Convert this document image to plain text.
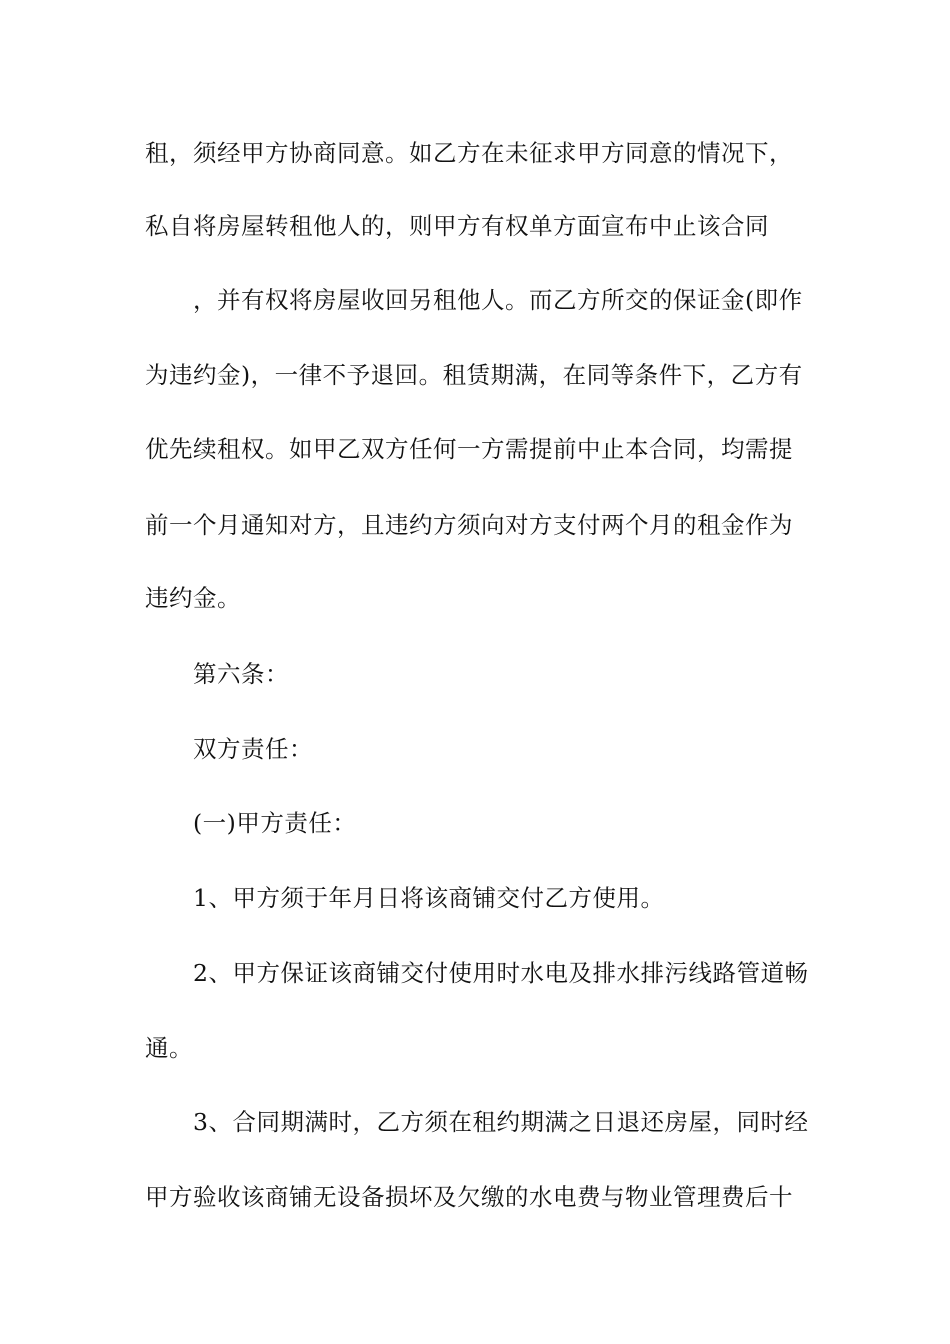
租，须经甲方协商同意。如乙方在未征求甲方同意的情况下，
私自将房屋转租他人的，则甲方有权单方面宣布中止该合同
，并有权将房屋收回另租他人。而乙方所交的保证金(即作
为违约金)，一律不予退回。租赁期满，在同等条件下，乙方有
优先续租权。如甲乙双方任何一方需提前中止本合同，均需提
前一个月通知对方，且违约方须向对方支付两个月的租金作为
违约金。
第六条：
双方责任：
(一)甲方责任：
1、甲方须于年月日将该商铺交付乙方使用。
2、甲方保证该商铺交付使用时水电及排水排污线路管道畅
通。
3、合同期满时，乙方须在租约期满之日退还房屋，同时经
甲方验收该商铺无设备损坏及欠缴的水电费与物业管理费后十
